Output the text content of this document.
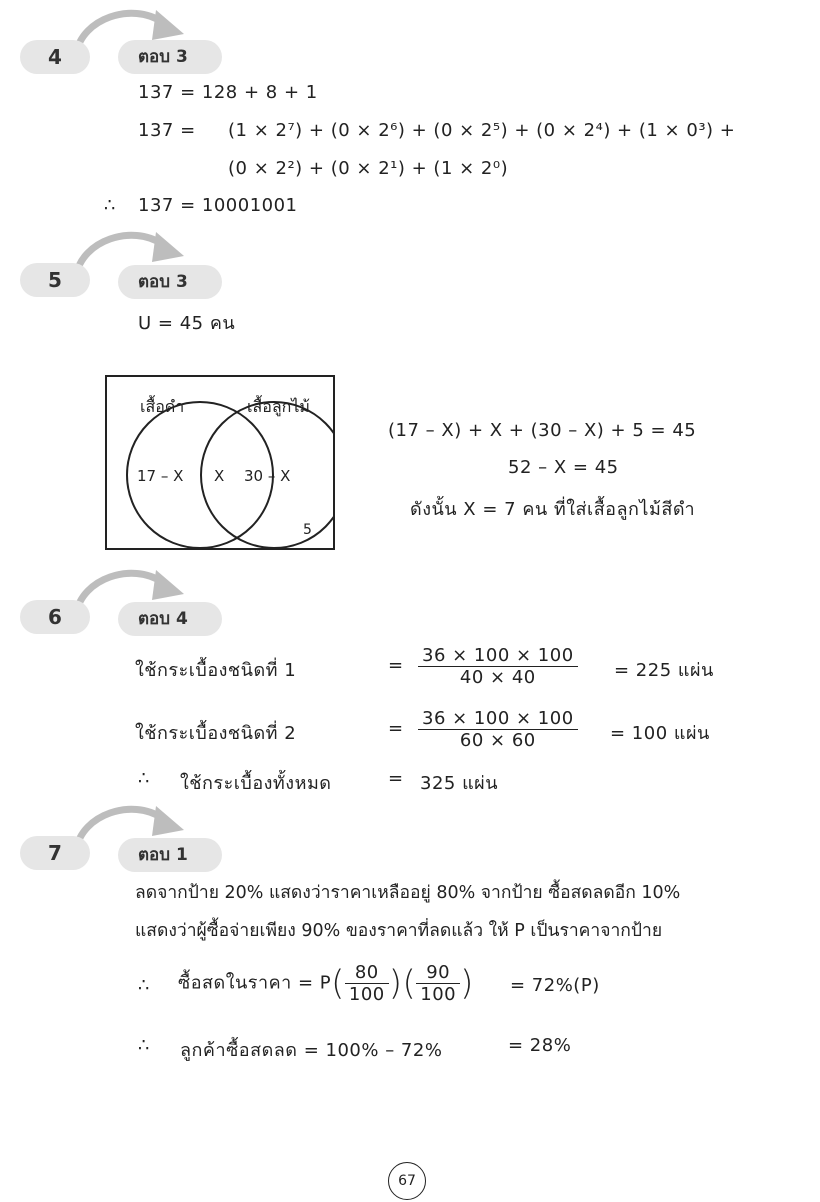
4	ตอบ 3
137 = 128 + 8 + 1
137 = (1 × 2⁷) + (0 × 2⁶) + (0 × 2⁵) + (0 × 2⁴) + (1 × 0³) +
(0 × 2²) + (0 × 2¹) + (1 × 2⁰)
∴ 137 = 10001001
5	ตอบ 3
U = 45 คน
เสื้อดำ	เสื้อลูกไม้
17 – X X 30 – X
5
(17 – X) + X + (30 – X) + 5 = 45
52 – X = 45
ดังนั้น X = 7 คน ที่ใส่เสื้อลูกไม้สีดำ
6	ตอบ 4
ใช้กระเบื้องชนิดที่ 1	= $\frac{36 \times 100 \times 100}{40 \times 40} = 225$ แผ่น
ใช้กระเบื้องชนิดที่ 2	= $\frac{36 \times 100 \times 100}{60 \times 60} = 100$ แผ่น
∴ ใช้กระเบื้องทั้งหมด	= 325 แผ่น
7	ตอบ 1
ลดจากป้าย 20% แสดงว่าราคาเหลืออยู่ 80% จากป้าย ซื้อสดลดอีก 10%
แสดงว่าผู้ซื้อจ่ายเพียง 90% ของราคาที่ลดแล้ว ให้ P เป็นราคาจากป้าย
∴ ซื้อสดในราคา = $P( \frac{80}{100}$ )( $\frac{90}{100}$ ) = 72%(P)
∴ ลูกค้าซื้อสดลด = 100% – 72%	= 28%
67
